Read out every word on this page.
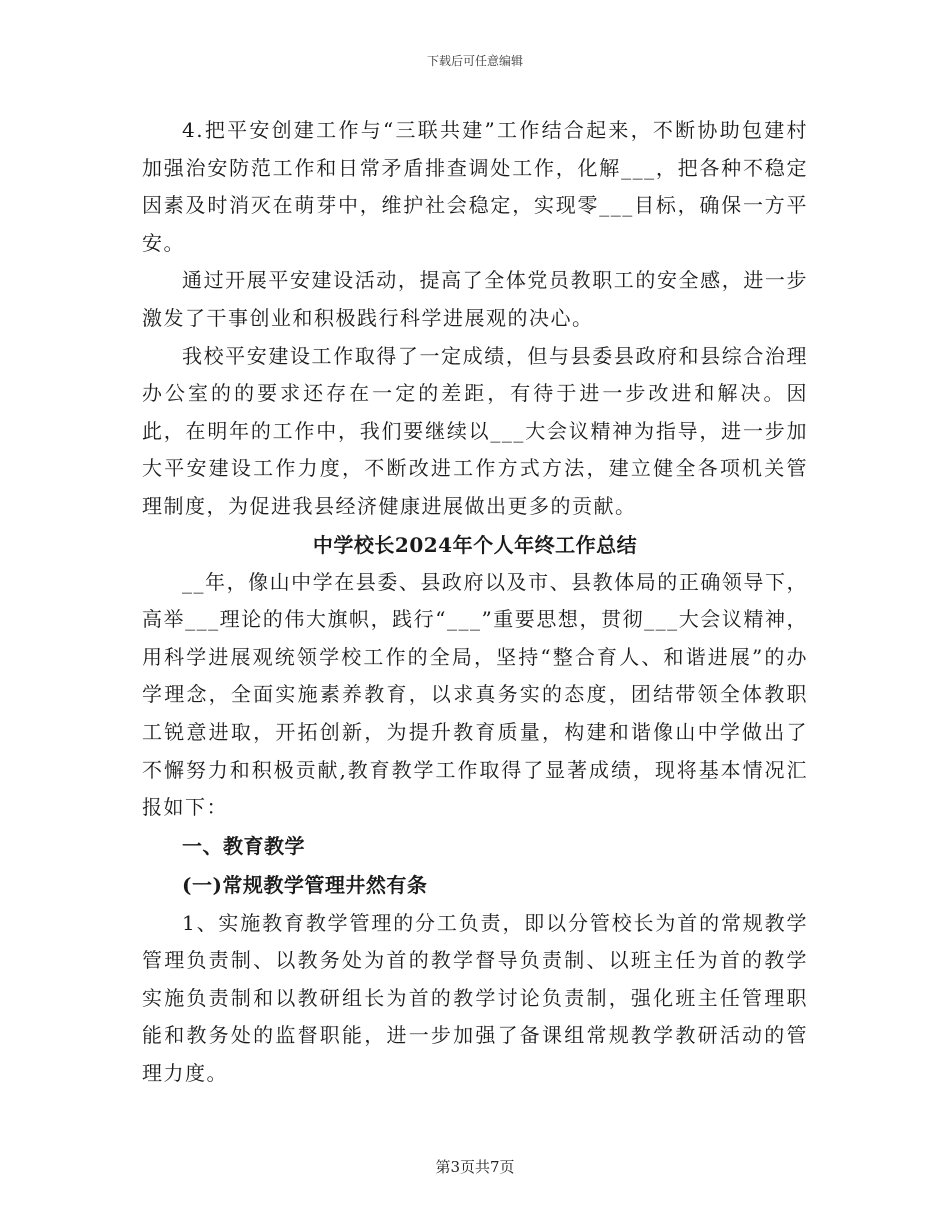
下载后可任意编辑

4.把平安创建工作与“三联共建”工作结合起来，不断协助包建村加强治安防范工作和日常矛盾排查调处工作，化解___，把各种不稳定因素及时消灭在萌芽中，维护社会稳定，实现零___目标，确保一方平安。

通过开展平安建设活动，提高了全体党员教职工的安全感，进一步激发了干事创业和积极践行科学进展观的决心。

我校平安建设工作取得了一定成绩，但与县委县政府和县综合治理办公室的的要求还存在一定的差距，有待于进一步改进和解决。因此，在明年的工作中，我们要继续以___大会议精神为指导，进一步加大平安建设工作力度，不断改进工作方式方法，建立健全各项机关管理制度，为促进我县经济健康进展做出更多的贡献。

中学校长2024年个人年终工作总结

__年，像山中学在县委、县政府以及市、县教体局的正确领导下，高举___理论的伟大旗帜，践行“___”重要思想，贯彻___大会议精神，用科学进展观统领学校工作的全局，坚持“整合育人、和谐进展”的办学理念，全面实施素养教育，以求真务实的态度，团结带领全体教职工锐意进取，开拓创新，为提升教育质量，构建和谐像山中学做出了不懈努力和积极贡献,教育教学工作取得了显著成绩，现将基本情况汇报如下：

一、教育教学
(一)常规教学管理井然有条

1、实施教育教学管理的分工负责，即以分管校长为首的常规教学管理负责制、以教务处为首的教学督导负责制、以班主任为首的教学实施负责制和以教研组长为首的教学讨论负责制，强化班主任管理职能和教务处的监督职能，进一步加强了备课组常规教学教研活动的管理力度。

第3页共7页
